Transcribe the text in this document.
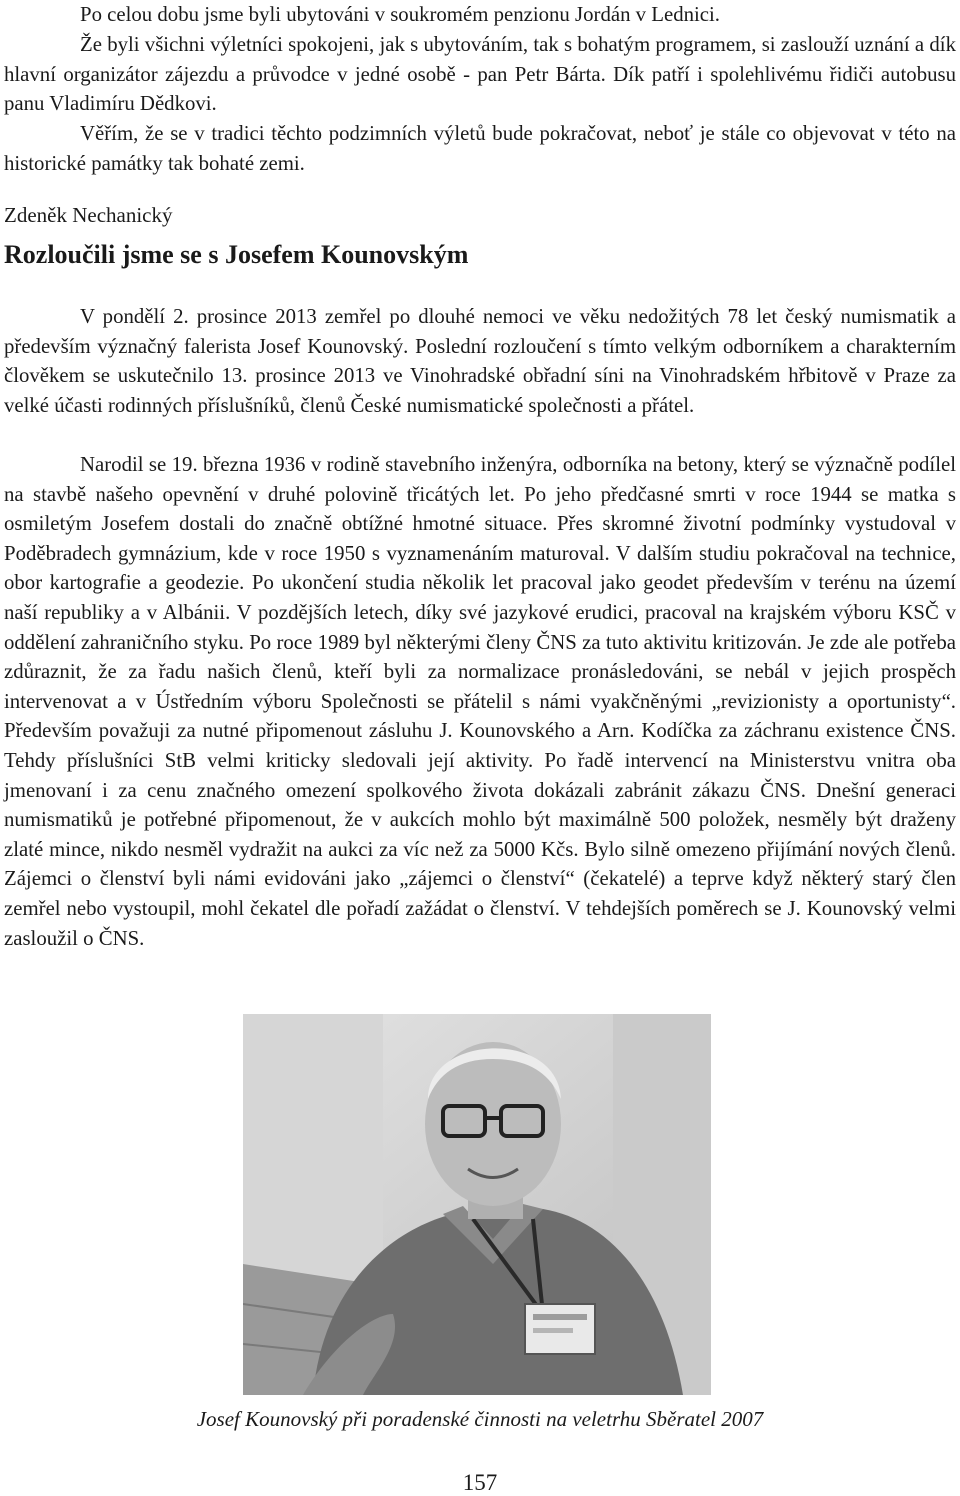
Po celou dobu jsme byli ubytováni v soukromém penzionu Jordán v Lednici.

Že byli všichni výletníci spokojeni, jak s ubytováním, tak s bohatým programem, si zaslouží uznání a dík hlavní organizátor zájezdu a průvodce v jedné osobě - pan Petr Bárta. Dík patří i spolehlivému řidiči autobusu panu Vladimíru Dědkovi.

Věřím, že se v tradici těchto podzimních výletů bude pokračovat, neboť je stále co objevovat v této na historické památky tak bohaté zemi.

Zdeněk Nechanický

Rozloučili jsme se s Josefem Kounovským

V pondělí 2. prosince 2013 zemřel po dlouhé nemoci ve věku nedožitých 78 let český numismatik a především význačný falerista Josef Kounovský. Poslední rozloučení s tímto velkým odborníkem a charakterním člověkem se uskutečnilo 13. prosince 2013 ve Vinohradské obřadní síni na Vinohradském hřbitově v Praze za velké účasti rodinných příslušníků, členů České numismatické společnosti a přátel.

Narodil se 19. března 1936 v rodině stavebního inženýra, odborníka na betony, který se význačně podílel na stavbě našeho opevnění v druhé polovině třicátých let. Po jeho předčasné smrti v roce 1944 se matka s osmiletým Josefem dostali do značně obtížné hmotné situace. Přes skromné životní podmínky vystudoval v Poděbradech gymnázium, kde v roce 1950 s vyznamenáním maturoval. V dalším studiu pokračoval na technice, obor kartografie a geodezie. Po ukončení studia několik let pracoval jako geodet především v terénu na území naší republiky a v Albánii. V pozdějších letech, díky své jazykové erudici, pracoval na krajském výboru KSČ v oddělení zahraničního styku. Po roce 1989 byl některými členy ČNS za tuto aktivitu kritizován. Je zde ale potřeba zdůraznit, že za řadu našich členů, kteří byli za normalizace pronásledováni, se nebál v jejich prospěch intervenovat a v Ústředním výboru Společnosti se přátelil s námi vyakčněnými „revizionisty a oportunisty“. Především považuji za nutné připomenout zásluhu J. Kounovského a Arn. Kodíčka za záchranu existence ČNS. Tehdy příslušníci StB velmi kriticky sledovali její aktivity. Po řadě intervencí na Ministerstvu vnitra oba jmenovaní i za cenu značného omezení spolkového života dokázali zabránit zákazu ČNS. Dnešní generaci numismatiků je potřebné připomenout, že v aukcích mohlo být maximálně 500 položek, nesměly být draženy zlaté mince, nikdo nesměl vydražit na aukci za víc než za 5000 Kčs. Bylo silně omezeno přijímání nových členů. Zájemci o členství byli námi evidováni jako „zájemci o členství“ (čekatelé) a teprve když některý starý člen zemřel nebo vystoupil, mohl čekatel dle pořadí zažádat o členství. V tehdejších poměrech se J. Kounovský velmi zasloužil o ČNS.

Josef Kounovský při poradenské činnosti na veletrhu Sběratel 2007
157
